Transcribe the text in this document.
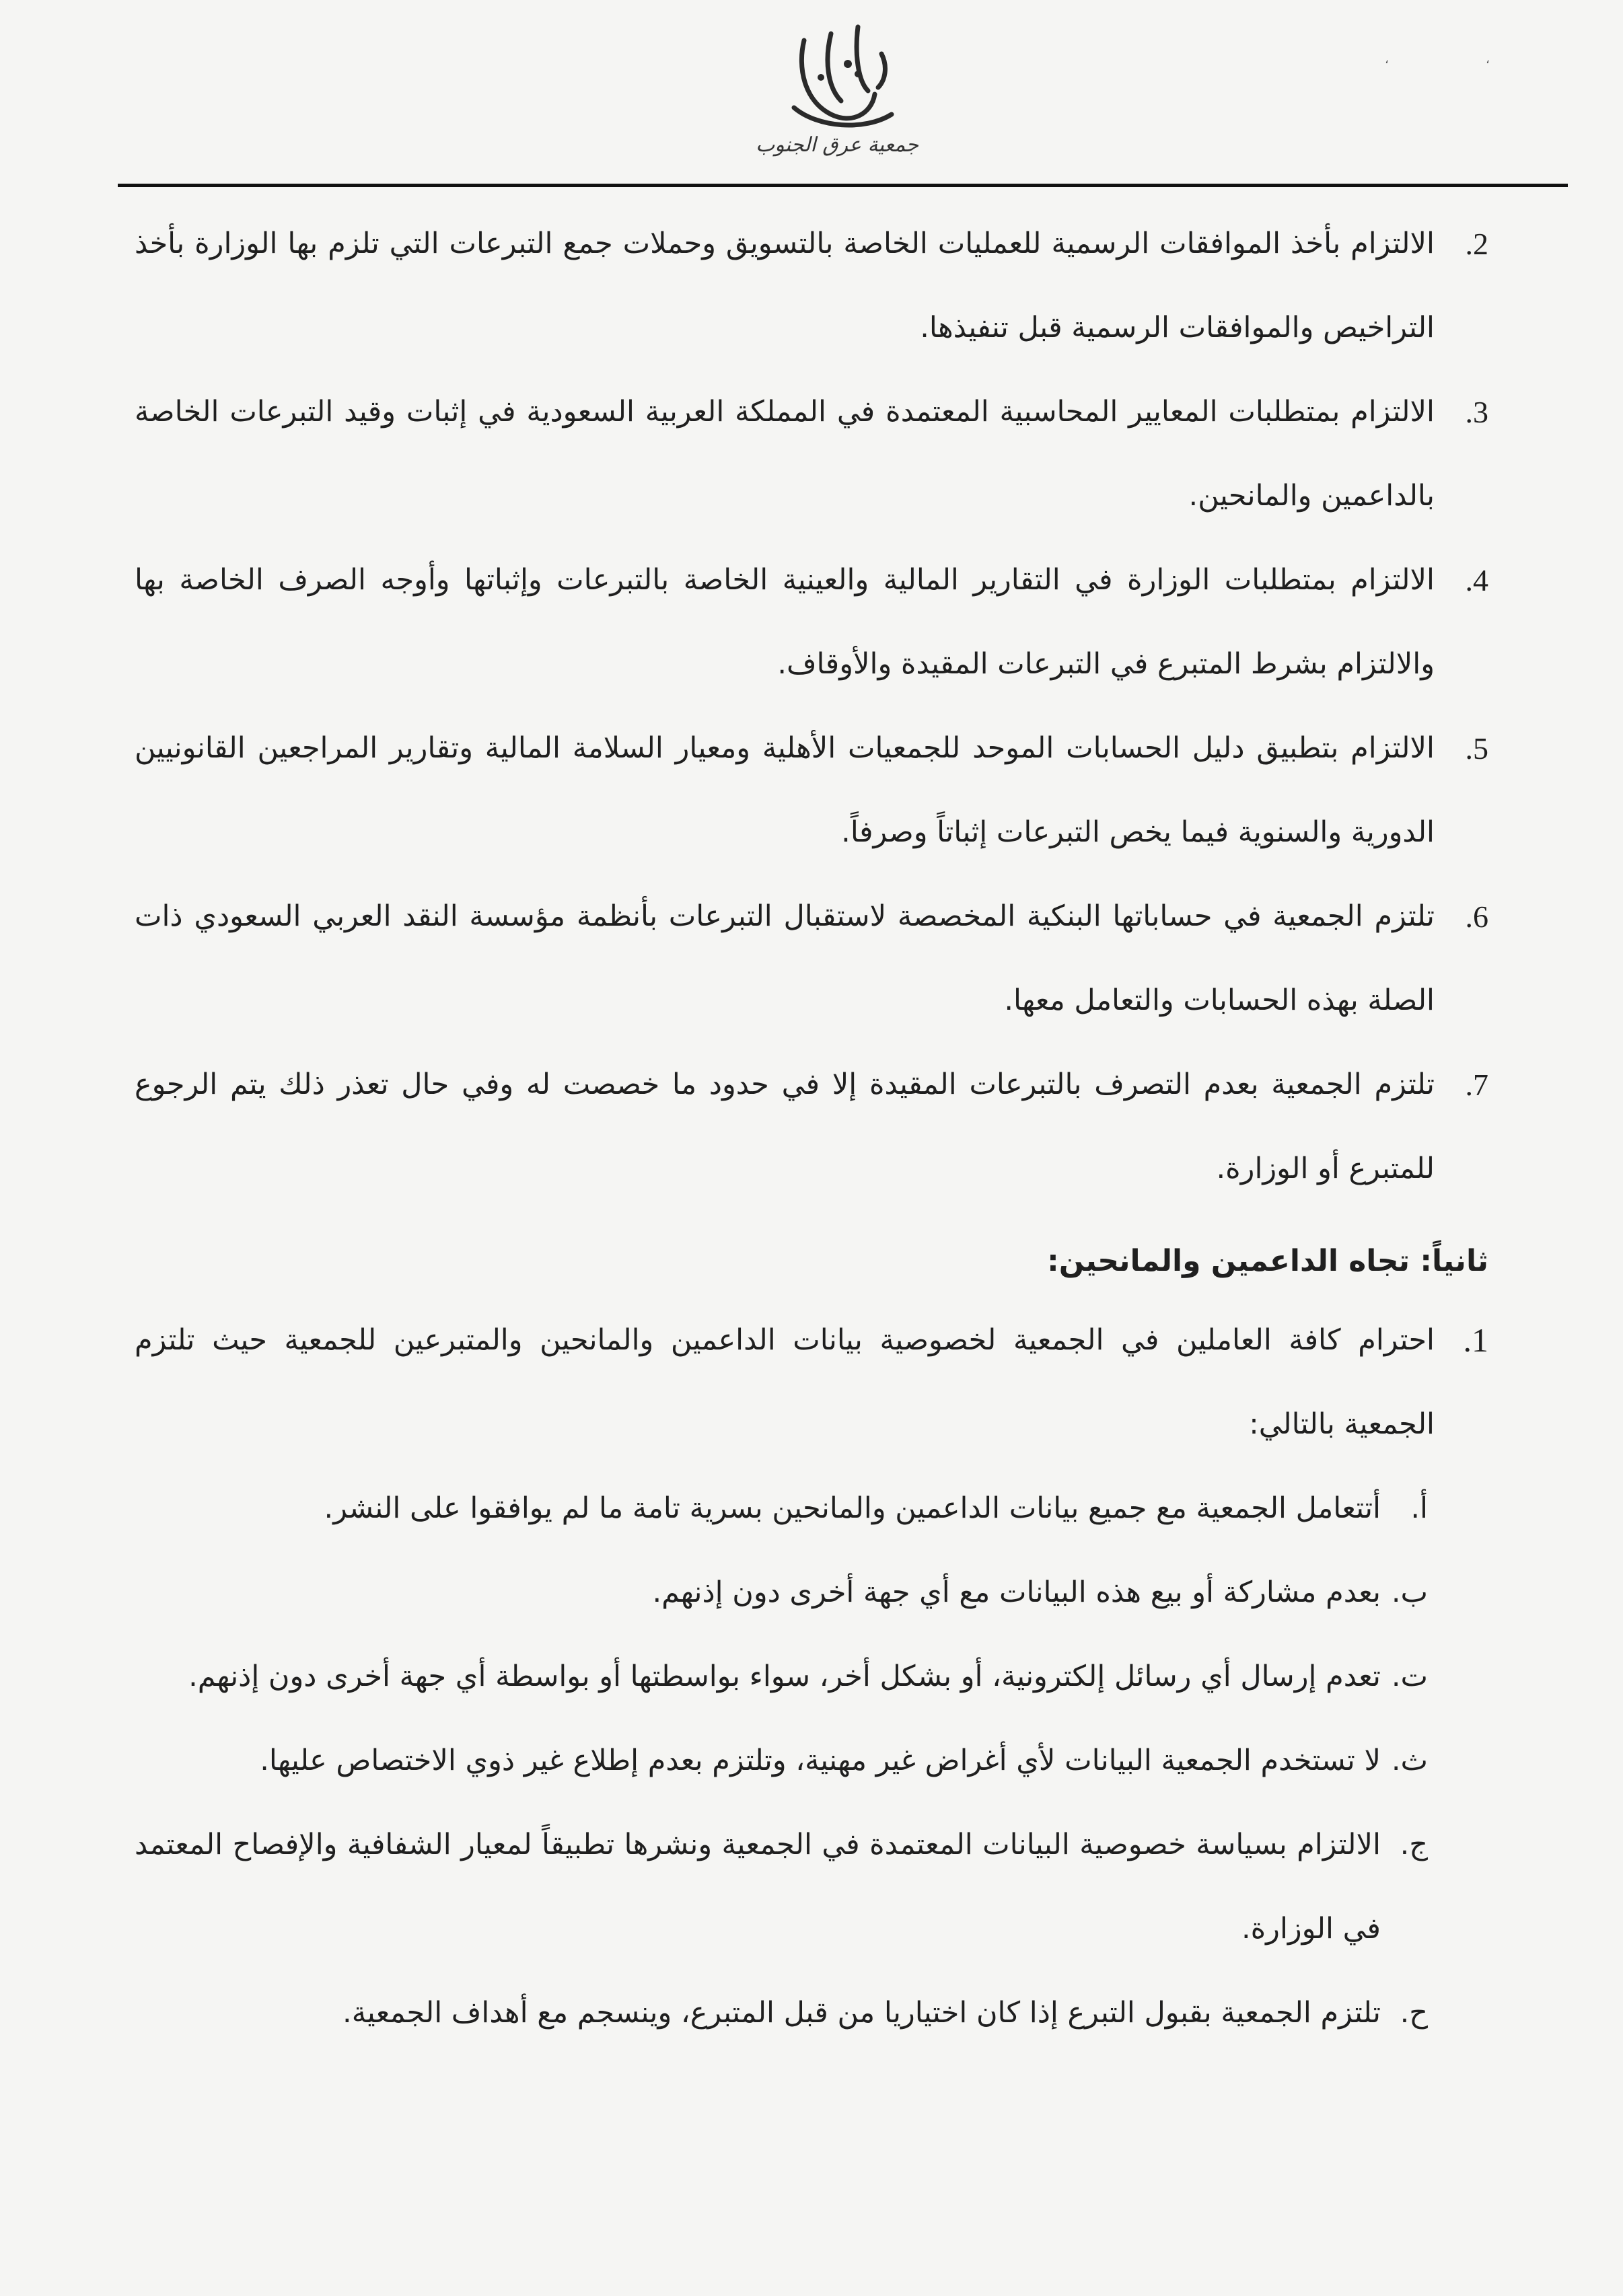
جمعية عرق الجنوب
،	،
2.
الالتزام بأخذ الموافقات الرسمية للعمليات الخاصة بالتسويق وحملات جمع التبرعات التي تلزم بها الوزارة بأخذ التراخيص والموافقات الرسمية قبل تنفيذها.
3.
الالتزام بمتطلبات المعايير المحاسبية المعتمدة في المملكة العربية السعودية في إثبات وقيد التبرعات الخاصة بالداعمين والمانحين.
4.
الالتزام بمتطلبات الوزارة في التقارير المالية والعينية الخاصة بالتبرعات وإثباتها وأوجه الصرف الخاصة بها والالتزام بشرط المتبرع في التبرعات المقيدة والأوقاف.
5.
الالتزام بتطبيق دليل الحسابات الموحد للجمعيات الأهلية ومعيار السلامة المالية وتقارير المراجعين القانونيين الدورية والسنوية فيما يخص التبرعات إثباتاً وصرفاً.
6.
تلتزم الجمعية في حساباتها البنكية المخصصة لاستقبال التبرعات بأنظمة مؤسسة النقد العربي السعودي ذات الصلة بهذه الحسابات والتعامل معها.
7.
تلتزم الجمعية بعدم التصرف بالتبرعات المقيدة إلا في حدود ما خصصت له وفي حال تعذر ذلك يتم الرجوع للمتبرع أو الوزارة.
ثانياً: تجاه الداعمين والمانحين:
1.
احترام كافة العاملين في الجمعية لخصوصية بيانات الداعمين والمانحين والمتبرعين للجمعية حيث تلتزم الجمعية بالتالي:
أ.
أتتعامل الجمعية مع جميع بيانات الداعمين والمانحين بسرية تامة ما لم يوافقوا على النشر.
ب.
بعدم مشاركة أو بيع هذه البيانات مع أي جهة أخرى دون إذنهم.
ت.
تعدم إرسال أي رسائل إلكترونية، أو بشكل أخر، سواء بواسطتها أو بواسطة أي جهة أخرى دون إذنهم.
ث.
لا تستخدم الجمعية البيانات لأي أغراض غير مهنية، وتلتزم بعدم إطلاع غير ذوي الاختصاص عليها.
ج.
الالتزام بسياسة خصوصية البيانات المعتمدة في الجمعية ونشرها تطبيقاً لمعيار الشفافية والإفصاح المعتمد في الوزارة.
ح.
تلتزم الجمعية بقبول التبرع إذا كان اختياريا من قبل المتبرع، وينسجم مع أهداف الجمعية.
